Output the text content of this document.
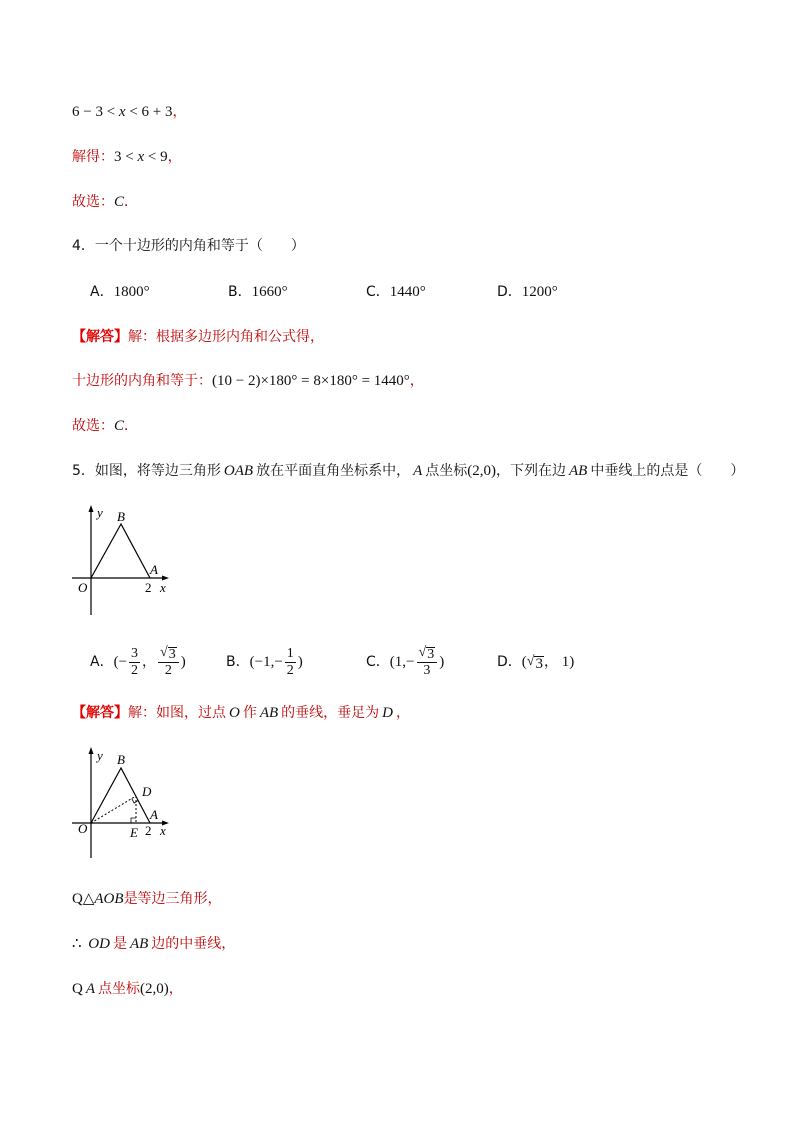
6 − 3 < x < 6 + 3 ，
解得： 3 < x < 9 ，
故选： C ．
4． 一个十边形的内角和等于（　　）
A． 1800°	B． 1660°	C． 1440°	D． 1200°
【解答】 解：根据多边形内角和公式得，
十边形的内角和等于： (10 − 2)×180° = 8×180° = 1440° ，
故选： C ．
5． 如图，将等边三角形 OAB 放在平面直角坐标系中， A 点坐标 (2,0) ，下列在边 AB 中垂线上的点是（　　）
y B
A
O	2 x
A． (− $\frac{3}{2}$ ， $\frac{√ 3}{2}$ )	B． ($-1,- \frac{1}{2}$ )	C． ($1,- \frac{√ 3}{3}$ )	D． ( √ 3 ， 1)
【解答】 解：如图，过点 O 作 AB 的垂线，垂足为 D ，
y B
D
A
O	E 2 x
Q △ AOB 是等边三角形，
∴ OD 是 AB 边的中垂线，
Q A 点坐标 (2,0) ，
